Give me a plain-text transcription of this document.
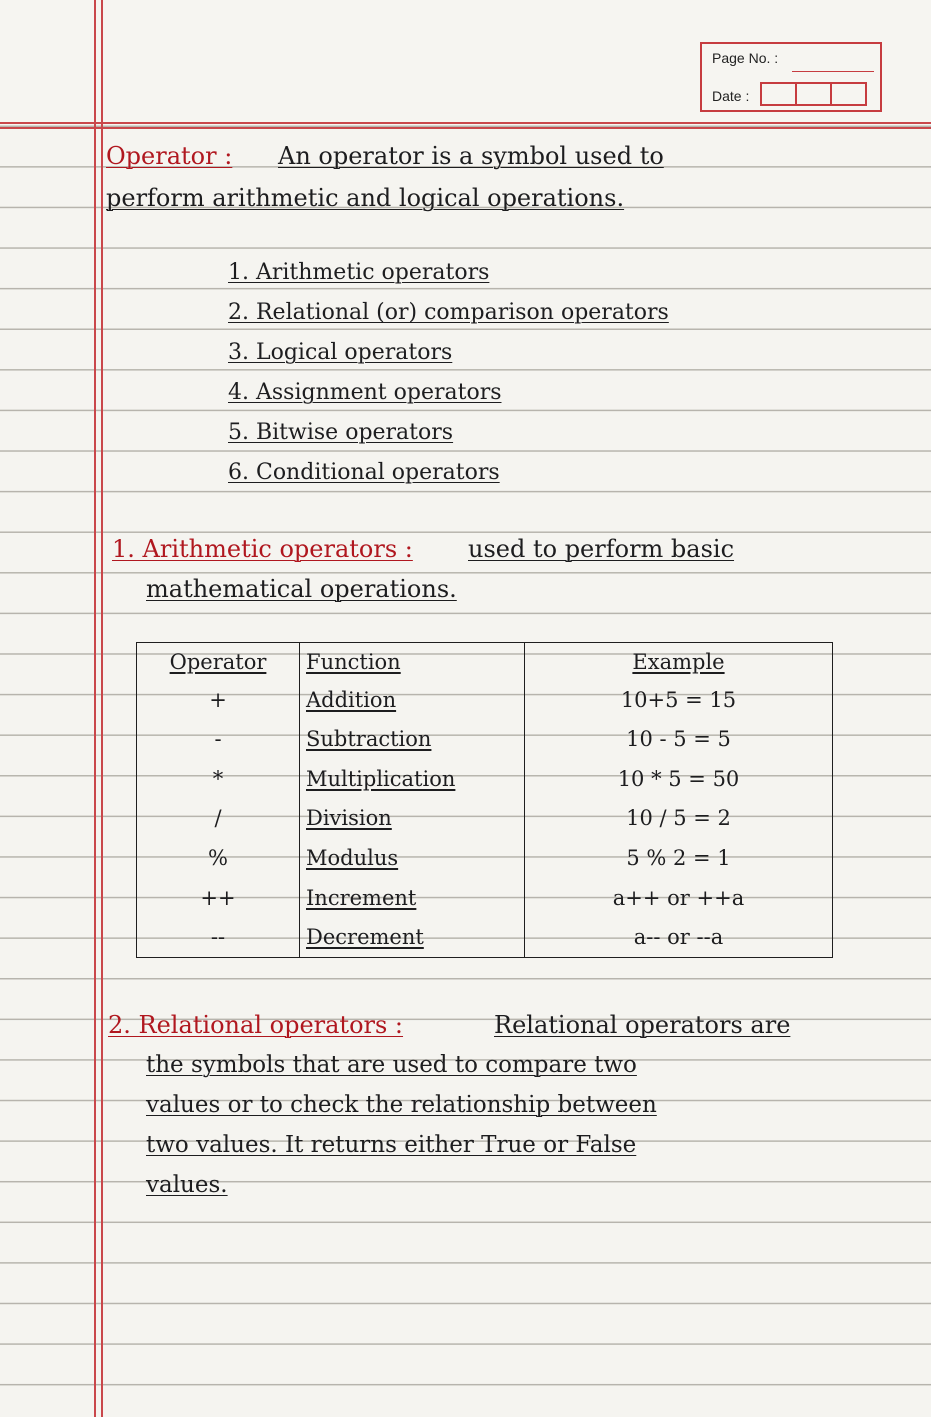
Page No. :
Date :
Operator : An operator is a symbol used to
perform arithmetic and logical operations.
1. Arithmetic operators
2. Relational (or) comparison operators
3. Logical operators
4. Assignment operators
5. Bitwise operators
6. Conditional operators
1. Arithmetic operators : used to perform basic
mathematical operations.
Operator	Function	Example
+	Addition	10+5 = 15
-	Subtraction	10 - 5 = 5
*	Multiplication	10 * 5 = 50
/	Division	10 / 5 = 2
%	Modulus	5 % 2 = 1
++	Increment	a++ or ++a
--	Decrement	a-- or --a
2. Relational operators :	Relational operators are
the symbols that are used to compare two
values or to check the relationship between
two values. It returns either True or False
values.
